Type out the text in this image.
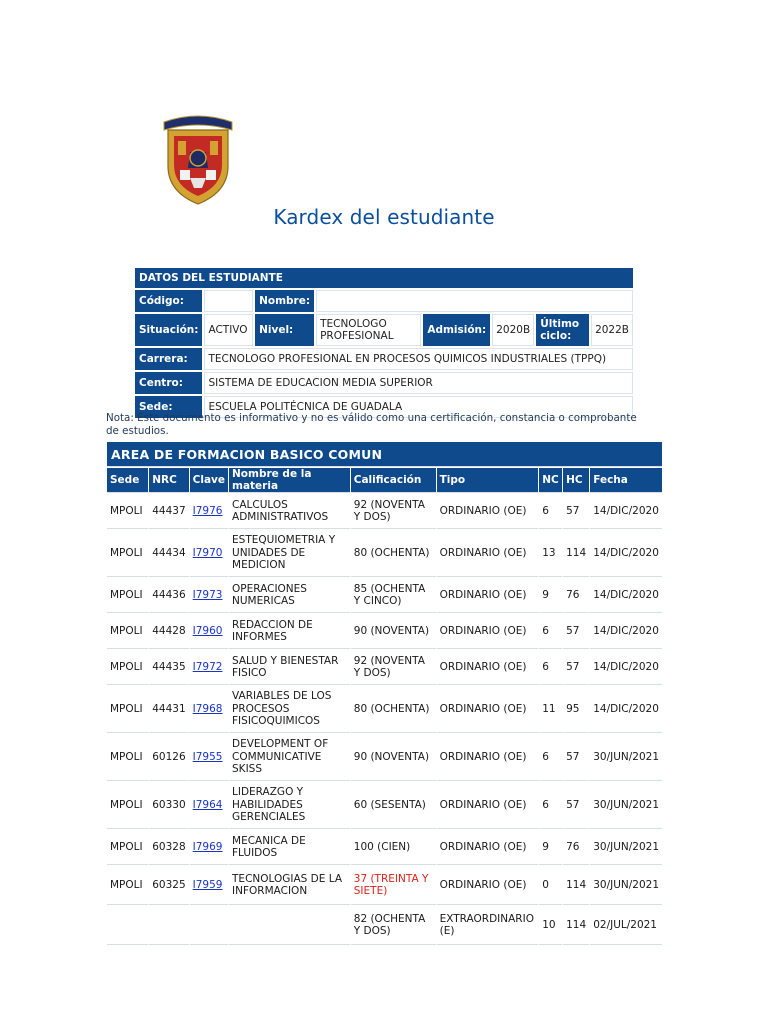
Kardex del estudiante
DATOS DEL ESTUDIANTE							
Código:		Nombre:					
Situación:	ACTIVO	Nivel:	TECNOLOGO PROFESIONAL	Admisión:	2020B	Último ciclo:	2022B
Carrera:	TECNOLOGO PROFESIONAL EN PROCESOS QUIMICOS INDUSTRIALES (TPPQ)						
Centro:	SISTEMA DE EDUCACION MEDIA SUPERIOR						
Sede:	ESCUELA POLITÉCNICA DE GUADALA						
Nota: Este documento es informativo y no es válido como una certificación, constancia o comprobante de estudios.
AREA DE FORMACION BASICO COMUN								
Sede	NRC	Clave	Nombre de la materia	Calificación	Tipo	NC	HC	Fecha
MPOLI	44437	I7976	CALCULOS ADMINISTRATIVOS	92 (NOVENTA Y DOS)	ORDINARIO (OE)	6	57	14/DIC/2020
MPOLI	44434	I7970	ESTEQUIOMETRIA Y UNIDADES DE MEDICION	80 (OCHENTA)	ORDINARIO (OE)	13	114	14/DIC/2020
MPOLI	44436	I7973	OPERACIONES NUMERICAS	85 (OCHENTA Y CINCO)	ORDINARIO (OE)	9	76	14/DIC/2020
MPOLI	44428	I7960	REDACCION DE INFORMES	90 (NOVENTA)	ORDINARIO (OE)	6	57	14/DIC/2020
MPOLI	44435	I7972	SALUD Y BIENESTAR FISICO	92 (NOVENTA Y DOS)	ORDINARIO (OE)	6	57	14/DIC/2020
MPOLI	44431	I7968	VARIABLES DE LOS PROCESOS FISICOQUIMICOS	80 (OCHENTA)	ORDINARIO (OE)	11	95	14/DIC/2020
MPOLI	60126	I7955	DEVELOPMENT OF COMMUNICATIVE SKISS	90 (NOVENTA)	ORDINARIO (OE)	6	57	30/JUN/2021
MPOLI	60330	I7964	LIDERAZGO Y HABILIDADES GERENCIALES	60 (SESENTA)	ORDINARIO (OE)	6	57	30/JUN/2021
MPOLI	60328	I7969	MECANICA DE FLUIDOS	100 (CIEN)	ORDINARIO (OE)	9	76	30/JUN/2021
MPOLI	60325	I7959	TECNOLOGIAS DE LA INFORMACION	37 (TREINTA Y SIETE)	ORDINARIO (OE)	0	114	30/JUN/2021
				82 (OCHENTA Y DOS)	EXTRAORDINARIO (E)	10	114	02/JUL/2021
